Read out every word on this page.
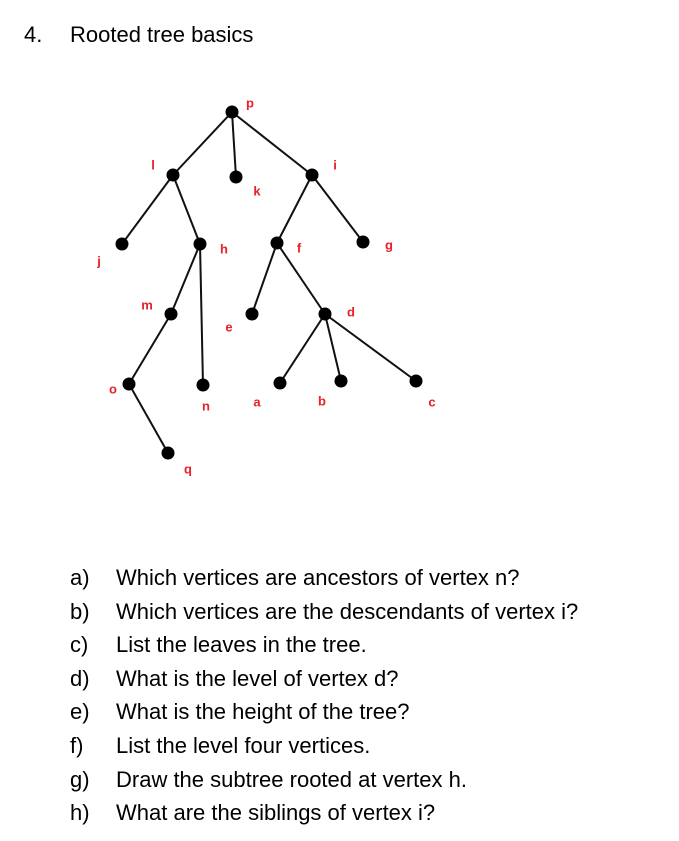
4. Rooted tree basics
p
l
k
i
j
h	f	g
m
e
d
o
n	a	b	c
q
a) Which vertices are ancestors of vertex n?
b) Which vertices are the descendants of vertex i?
c) List the leaves in the tree.
d) What is the level of vertex d?
e) What is the height of the tree?
f) List the level four vertices.
g) Draw the subtree rooted at vertex h.
h) What are the siblings of vertex i?
